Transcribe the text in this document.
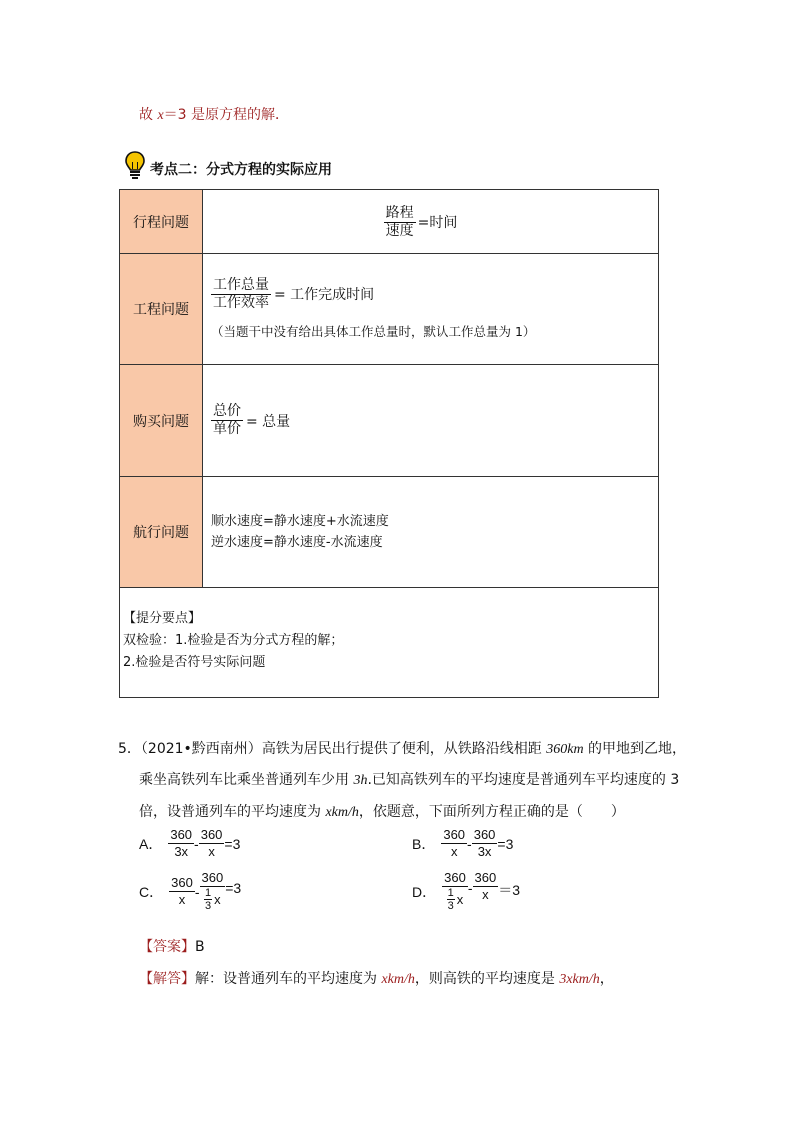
故 x＝3 是原方程的解．
考点二：分式方程的实际应用
行程问题	$\frac{\text{路程}}{\text{速度}}$ =时间

工程问题	$\frac{\text{工作总量}}{\text{工作效率}}$ = 工作完成时间
（当题干中没有给出具体工作总量时，默认工作总量为 1）

购买问题	$\frac{\text{总价}}{\text{单价}}$ = 总量

航行问题	顺水速度=静水速度+水流速度
逆水速度=静水速度-水流速度

【提分要点】
双检验：1.检验是否为分式方程的解；
2.检验是否符号实际问题	
5．（2021•黔西南州）高铁为居民出行提供了便利，从铁路沿线相距 360km 的甲地到乙地，
乘坐高铁列车比乘坐普通列车少用 3h.已知高铁列车的平均速度是普通列车平均速度的 3
倍，设普通列车的平均速度为 xkm/h，依题意，下面所列方程正确的是（　　）
A． $\frac{360}{3x} - \frac{360}{x} =3$	B． $\frac{360}{x} - \frac{360}{3x} =3$
C． $\frac{360}{x} - \frac{360}{\frac{1}{3} x} =3$	D． $\frac{360}{\frac{1}{3} x} - \frac{360}{x} =3$
【答案】B
【解答】解：设普通列车的平均速度为 xkm/h，则高铁的平均速度是 3xkm/h，
